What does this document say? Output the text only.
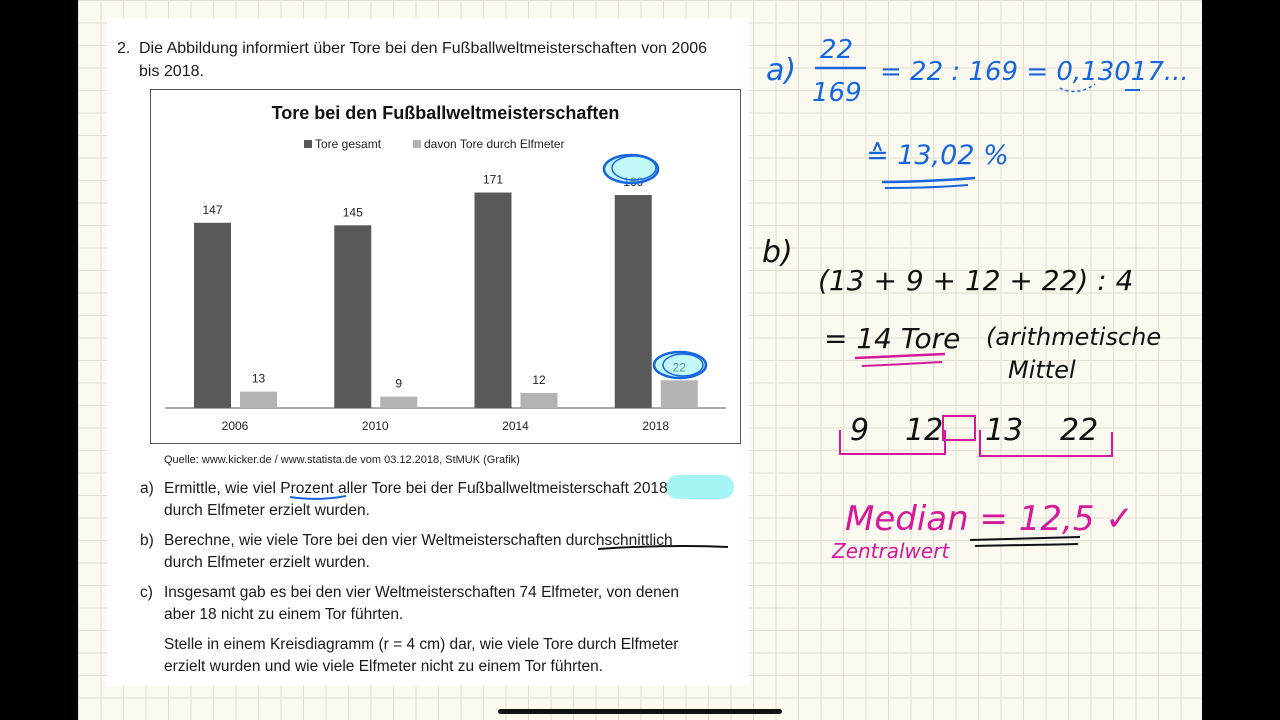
2. Die Abbildung informiert über Tore bei den Fußballweltmeisterschaften von 2006
bis 2018.
Tore bei den Fußballweltmeisterschaften
Tore gesamt	davon Tore durch Elfmeter
147
13
2006
145
9
2010
171
12
2014	2018
Quelle: www.kicker.de / www.statista.de vom 03.12.2018, StMUK (Grafik)
a) Ermittle, wie viel Prozent aller Tore bei der Fußballweltmeisterschaft 2018
durch Elfmeter erzielt wurden.
b) Berechne, wie viele Tore bei den vier Weltmeisterschaften durchschnittlich
durch Elfmeter erzielt wurden.
c) Insgesamt gab es bei den vier Weltmeisterschaften 74 Elfmeter, von denen
aber 18 nicht zu einem Tor führten.

Stelle in einem Kreisdiagramm (r = 4 cm) dar, wie viele Tore durch Elfmeter
erzielt wurden und wie viele Elfmeter nicht zu einem Tor führten.
a)
22
169
= 22 : 169 = 0,13017...
≙ 13,02 %
b)
(13 + 9 + 12 + 22) : 4
= 14 Tore (arithmetische
Mittel
9 12 13 22
Median = 12,5 ✓
Zentralwert
